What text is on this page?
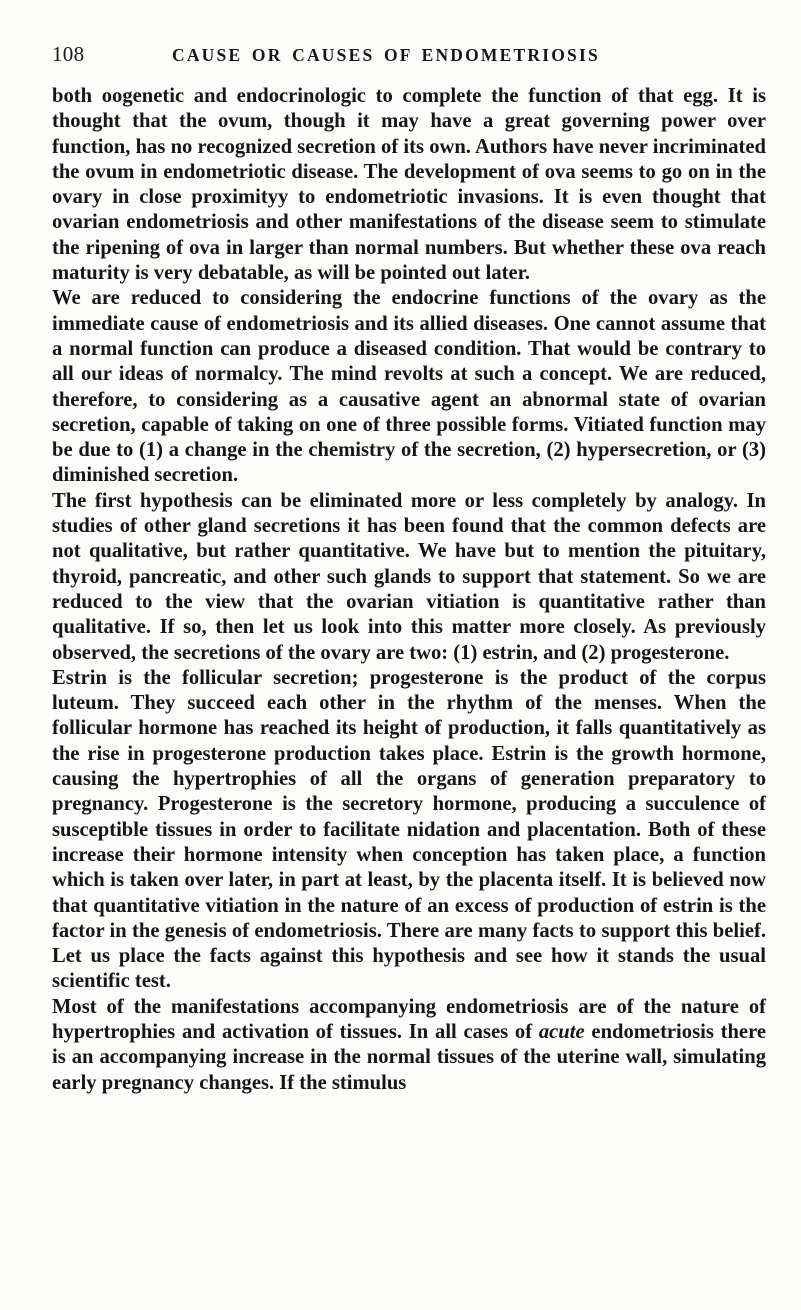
108	CAUSE OR CAUSES OF ENDOMETRIOSIS

both oogenetic and endocrinologic to complete the function of that egg. It is thought that the ovum, though it may have a great governing power over function, has no recognized secretion of its own. Authors have never incriminated the ovum in endometriotic disease. The development of ova seems to go on in the ovary in close proximityy to endometriotic invasions. It is even thought that ovarian endometriosis and other manifestations of the disease seem to stimulate the ripening of ova in larger than normal numbers. But whether these ova reach maturity is very debatable, as will be pointed out later.

We are reduced to considering the endocrine functions of the ovary as the immediate cause of endometriosis and its allied diseases. One cannot assume that a normal function can produce a diseased condition. That would be contrary to all our ideas of normalcy. The mind revolts at such a concept. We are reduced, therefore, to considering as a causative agent an abnormal state of ovarian secretion, capable of taking on one of three possible forms. Vitiated function may be due to (1) a change in the chemistry of the secretion, (2) hypersecretion, or (3) diminished secretion.

The first hypothesis can be eliminated more or less completely by analogy. In studies of other gland secretions it has been found that the common defects are not qualitative, but rather quantitative. We have but to mention the pituitary, thyroid, pancreatic, and other such glands to support that statement. So we are reduced to the view that the ovarian vitiation is quantitative rather than qualitative. If so, then let us look into this matter more closely. As previously observed, the secretions of the ovary are two: (1) estrin, and (2) progesterone.

Estrin is the follicular secretion; progesterone is the product of the corpus luteum. They succeed each other in the rhythm of the menses. When the follicular hormone has reached its height of production, it falls quantitatively as the rise in progesterone production takes place. Estrin is the growth hormone, causing the hypertrophies of all the organs of generation preparatory to pregnancy. Progesterone is the secretory hormone, producing a succulence of susceptible tissues in order to facilitate nidation and placentation. Both of these increase their hormone intensity when conception has taken place, a function which is taken over later, in part at least, by the placenta itself. It is believed now that quantitative vitiation in the nature of an excess of production of estrin is the factor in the genesis of endometriosis. There are many facts to support this belief. Let us place the facts against this hypothesis and see how it stands the usual scientific test.

Most of the manifestations accompanying endometriosis are of the nature of hypertrophies and activation of tissues. In all cases of acute endometriosis there is an accompanying increase in the normal tissues of the uterine wall, simulating early pregnancy changes. If the stimulus
